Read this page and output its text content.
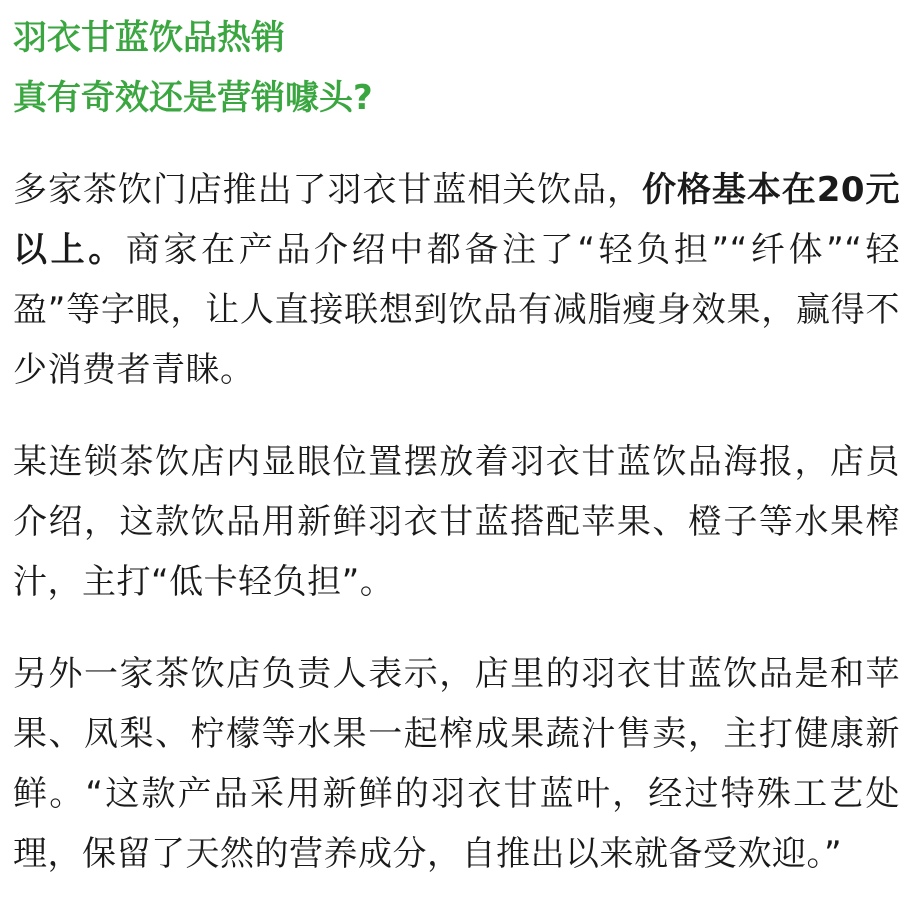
羽衣甘蓝饮品热销
真有奇效还是营销噱头?

多家茶饮门店推出了羽衣甘蓝相关饮品，价格基本在20元以上。商家在产品介绍中都备注了“轻负担”“纤体”“轻盈”等字眼，让人直接联想到饮品有减脂瘦身效果，赢得不少消费者青睐。

某连锁茶饮店内显眼位置摆放着羽衣甘蓝饮品海报，店员介绍，这款饮品用新鲜羽衣甘蓝搭配苹果、橙子等水果榨汁，主打“低卡轻负担”。

另外一家茶饮店负责人表示，店里的羽衣甘蓝饮品是和苹果、凤梨、柠檬等水果一起榨成果蔬汁售卖，主打健康新鲜。“这款产品采用新鲜的羽衣甘蓝叶，经过特殊工艺处理，保留了天然的营养成分，自推出以来就备受欢迎。”
